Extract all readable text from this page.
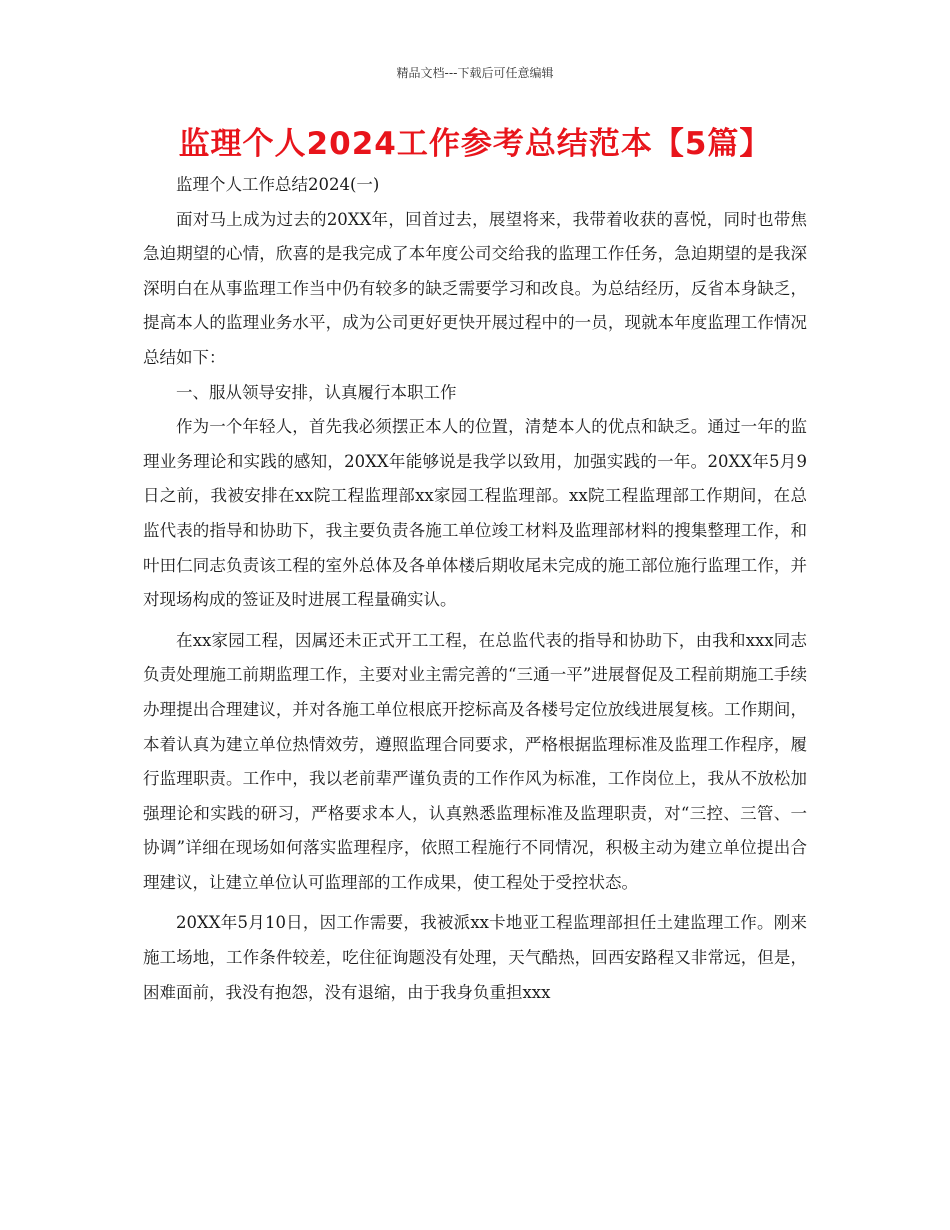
精品文档---下载后可任意编辑
监理个人2024工作参考总结范本【5篇】

监理个人工作总结2024(一)

面对马上成为过去的20XX年，回首过去，展望将来，我带着收获的喜悦，同时也带焦急迫期望的心情，欣喜的是我完成了本年度公司交给我的监理工作任务，急迫期望的是我深深明白在从事监理工作当中仍有较多的缺乏需要学习和改良。为总结经历，反省本身缺乏，提高本人的监理业务水平，成为公司更好更快开展过程中的一员，现就本年度监理工作情况总结如下：

一、服从领导安排，认真履行本职工作

作为一个年轻人，首先我必须摆正本人的位置，清楚本人的优点和缺乏。通过一年的监理业务理论和实践的感知，20XX年能够说是我学以致用，加强实践的一年。20XX年5月9日之前，我被安排在xx院工程监理部xx家园工程监理部。xx院工程监理部工作期间，在总监代表的指导和协助下，我主要负责各施工单位竣工材料及监理部材料的搜集整理工作，和叶田仁同志负责该工程的室外总体及各单体楼后期收尾未完成的施工部位施行监理工作，并对现场构成的签证及时进展工程量确实认。

在xx家园工程，因属还未正式开工工程，在总监代表的指导和协助下，由我和xxx同志负责处理施工前期监理工作，主要对业主需完善的“三通一平”进展督促及工程前期施工手续办理提出合理建议，并对各施工单位根底开挖标高及各楼号定位放线进展复核。工作期间，本着认真为建立单位热情效劳，遵照监理合同要求，严格根据监理标准及监理工作程序，履行监理职责。工作中，我以老前辈严谨负责的工作作风为标准，工作岗位上，我从不放松加强理论和实践的研习，严格要求本人，认真熟悉监理标准及监理职责，对“三控、三管、一协调”详细在现场如何落实监理程序，依照工程施行不同情况，积极主动为建立单位提出合理建议，让建立单位认可监理部的工作成果，使工程处于受控状态。

20XX年5月10日，因工作需要，我被派xx卡地亚工程监理部担任土建监理工作。刚来施工场地，工作条件较差，吃住征询题没有处理，天气酷热，回西安路程又非常远，但是，困难面前，我没有抱怨，没有退缩，由于我身负重担xxx
